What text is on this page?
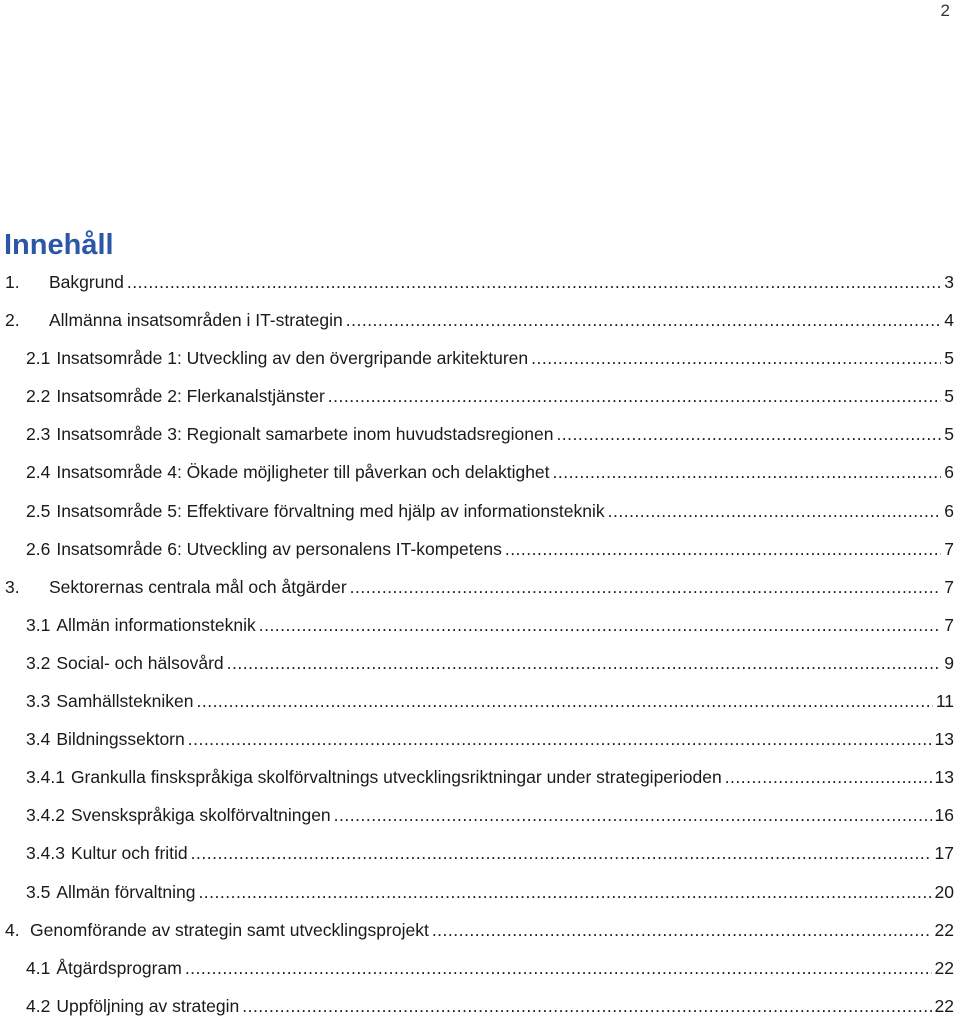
2
Innehåll
1.	Bakgrund .....	3
2.	Allmänna insatsområden i IT-strategin .....	4
2.1 Insatsområde 1: Utveckling av den övergripande arkitekturen .....	5
2.2 Insatsområde 2: Flerkanalstjänster .....	5
2.3 Insatsområde 3: Regionalt samarbete inom huvudstadsregionen .....	5
2.4 Insatsområde 4: Ökade möjligheter till påverkan och delaktighet .....	6
2.5 Insatsområde 5: Effektivare förvaltning med hjälp av informationsteknik .....	6
2.6 Insatsområde 6: Utveckling av personalens IT-kompetens .....	7
3.	Sektorernas centrala mål och åtgärder .....	7
3.1 Allmän informationsteknik .....	7
3.2 Social- och hälsovård .....	9
3.3 Samhällstekniken .....	11
3.4 Bildningssektorn .....	13
3.4.1 Grankulla finskspråkiga skolförvaltnings utvecklingsriktningar under strategiperioden .....	13
3.4.2 Svenskspråkiga skolförvaltningen .....	16
3.4.3 Kultur och fritid .....	17
3.5 Allmän förvaltning .....	20
4. Genomförande av strategin samt utvecklingsprojekt .....	22
4.1 Åtgärdsprogram .....	22
4.2 Uppföljning av strategin .....	22
